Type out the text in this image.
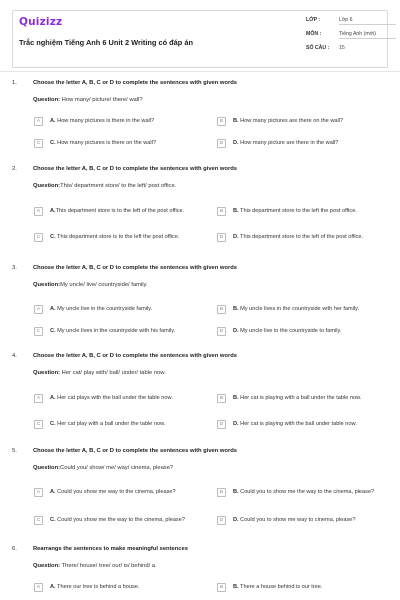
Quizizz
Trắc nghiệm Tiếng Anh 6 Unit 2 Writing có đáp án
LỚP :	Lớp 6
MÔN :	Tiếng Anh (mới)
SỐ CÂU :	15
1.	Choose the letter A, B, C or D to complete the sentences with given words
Question: How many/ picture/ there/ wall?
A	A. How many pictures is there in the wall?	B	B. How many pictures are there on the wall?
C	C. How many pictures is there on the wall?	D	D. How many picture are there in the wall?
2.	Choose the letter A, B, C or D to complete the sentences with given words
Question:This/ department store/ to the left/ post office.
A	A.This department store is to the left of the post office.	B	B. This department store to the left the post office.
C	C. This department store is to the left the post office.	D	D. This department store to the left of the post office.
3.	Choose the letter A, B, C or D to complete the sentences with given words
Question:My uncle/ live/ countryside/ family.
A	A. My uncle live in the countryside family.	B	B. My uncle lives in the countryside with her family.
C	C. My uncle lives in the countryside with his family.	D	D. My uncle live in the countryside to family.
4.	Choose the letter A, B, C or D to complete the sentences with given words
Question: Her cat/ play with/ ball/ under/ table now.
A	A. Her cat plays with the ball under the table now.	B	B. Her cat is playing with a ball under the table now.
C	C. Her cat play with a ball under the table now.	D	D. Her cat is playing with the ball under table now.
5.	Choose the letter A, B, C or D to complete the sentences with given words
Question:Could you/ show/ me/ way/ cinema, please?
A	A. Could you show me way to the cinema, please?	B	B. Could you to show me the way to the cinema, please?
C	C. Could you show me the way to the cinema, please?	D	D. Could you to show me way to cinema, please?
6.	Rearrange the sentences to make meaningful sentences
Question: There/ house/ tree/ our/ is/ behind/ a.
A	A. There our tree is behind a house.	B	B. There a house behind is our tree.
